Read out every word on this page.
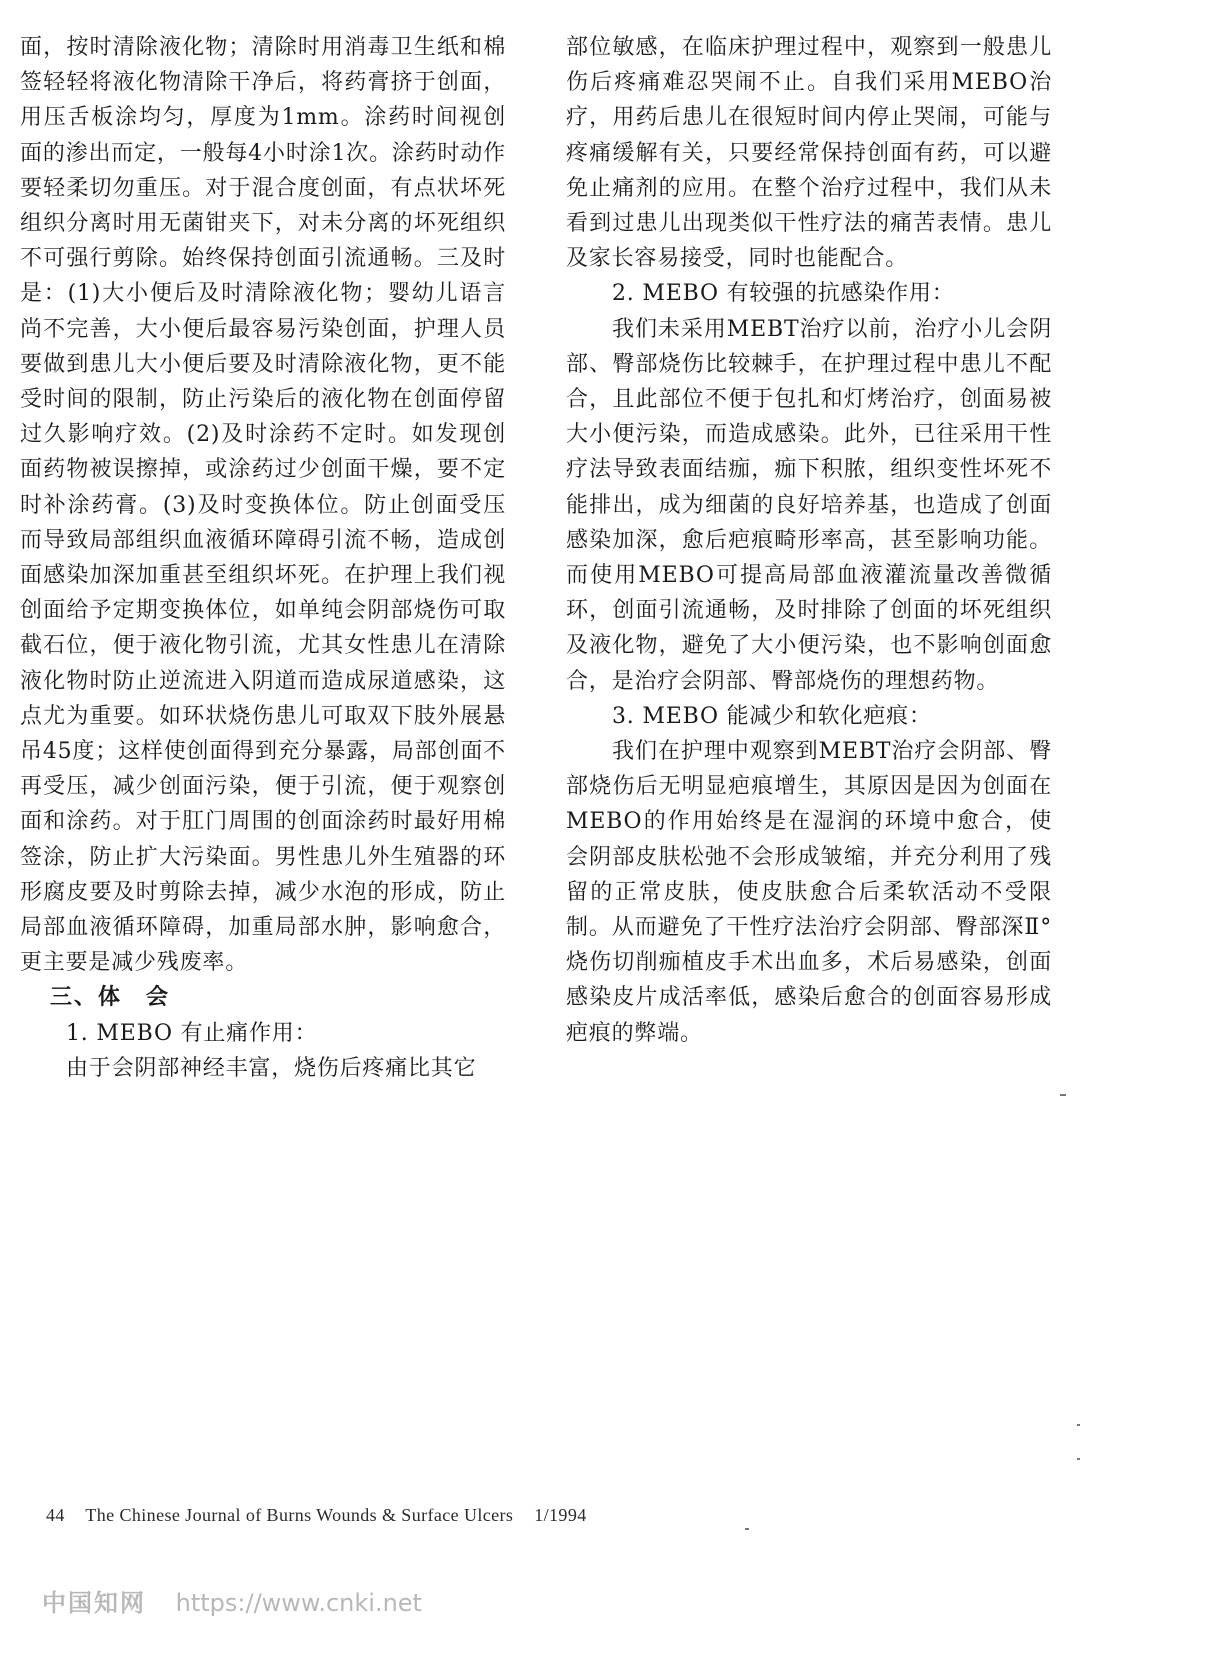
面，按时清除液化物；清除时用消毒卫生纸和棉签轻轻将液化物清除干净后，将药膏挤于创面，用压舌板涂均匀，厚度为1mm。涂药时间视创面的渗出而定，一般每4小时涂1次。涂药时动作要轻柔切勿重压。对于混合度创面，有点状坏死组织分离时用无菌钳夹下，对未分离的坏死组织不可强行剪除。始终保持创面引流通畅。三及时是：(1)大小便后及时清除液化物；婴幼儿语言尚不完善，大小便后最容易污染创面，护理人员要做到患儿大小便后要及时清除液化物，更不能受时间的限制，防止污染后的液化物在创面停留过久影响疗效。(2)及时涂药不定时。如发现创面药物被误擦掉，或涂药过少创面干燥，要不定时补涂药膏。(3)及时变换体位。防止创面受压而导致局部组织血液循环障碍引流不畅，造成创面感染加深加重甚至组织坏死。在护理上我们视创面给予定期变换体位，如单纯会阴部烧伤可取截石位，便于液化物引流，尤其女性患儿在清除液化物时防止逆流进入阴道而造成尿道感染，这点尤为重要。如环状烧伤患儿可取双下肢外展悬吊45度；这样使创面得到充分暴露，局部创面不再受压，减少创面污染，便于引流，便于观察创面和涂药。对于肛门周围的创面涂药时最好用棉签涂，防止扩大污染面。男性患儿外生殖器的环形腐皮要及时剪除去掉，减少水泡的形成，防止局部血液循环障碍，加重局部水肿，影响愈合，更主要是减少残废率。

三、体　会

1. MEBO 有止痛作用：

由于会阴部神经丰富，烧伤后疼痛比其它

部位敏感，在临床护理过程中，观察到一般患儿伤后疼痛难忍哭闹不止。自我们采用MEBO治疗，用药后患儿在很短时间内停止哭闹，可能与疼痛缓解有关，只要经常保持创面有药，可以避免止痛剂的应用。在整个治疗过程中，我们从未看到过患儿出现类似干性疗法的痛苦表情。患儿及家长容易接受，同时也能配合。

2. MEBO 有较强的抗感染作用：

我们未采用MEBT治疗以前，治疗小儿会阴部、臀部烧伤比较棘手，在护理过程中患儿不配合，且此部位不便于包扎和灯烤治疗，创面易被大小便污染，而造成感染。此外，已往采用干性疗法导致表面结痂，痂下积脓，组织变性坏死不能排出，成为细菌的良好培养基，也造成了创面感染加深，愈后疤痕畸形率高，甚至影响功能。而使用MEBO可提高局部血液灌流量改善微循环，创面引流通畅，及时排除了创面的坏死组织及液化物，避免了大小便污染，也不影响创面愈合，是治疗会阴部、臀部烧伤的理想药物。

3. MEBO 能减少和软化疤痕：

我们在护理中观察到MEBT治疗会阴部、臀部烧伤后无明显疤痕增生，其原因是因为创面在MEBO的作用始终是在湿润的环境中愈合，使会阴部皮肤松弛不会形成皱缩，并充分利用了残留的正常皮肤，使皮肤愈合后柔软活动不受限制。从而避免了干性疗法治疗会阴部、臀部深Ⅱ°烧伤切削痂植皮手术出血多，术后易感染，创面感染皮片成活率低，感染后愈合的创面容易形成疤痕的弊端。

44 The Chinese Journal of Burns Wounds & Surface Ulcers 1/1994
中国知网 https://www.cnki.net
